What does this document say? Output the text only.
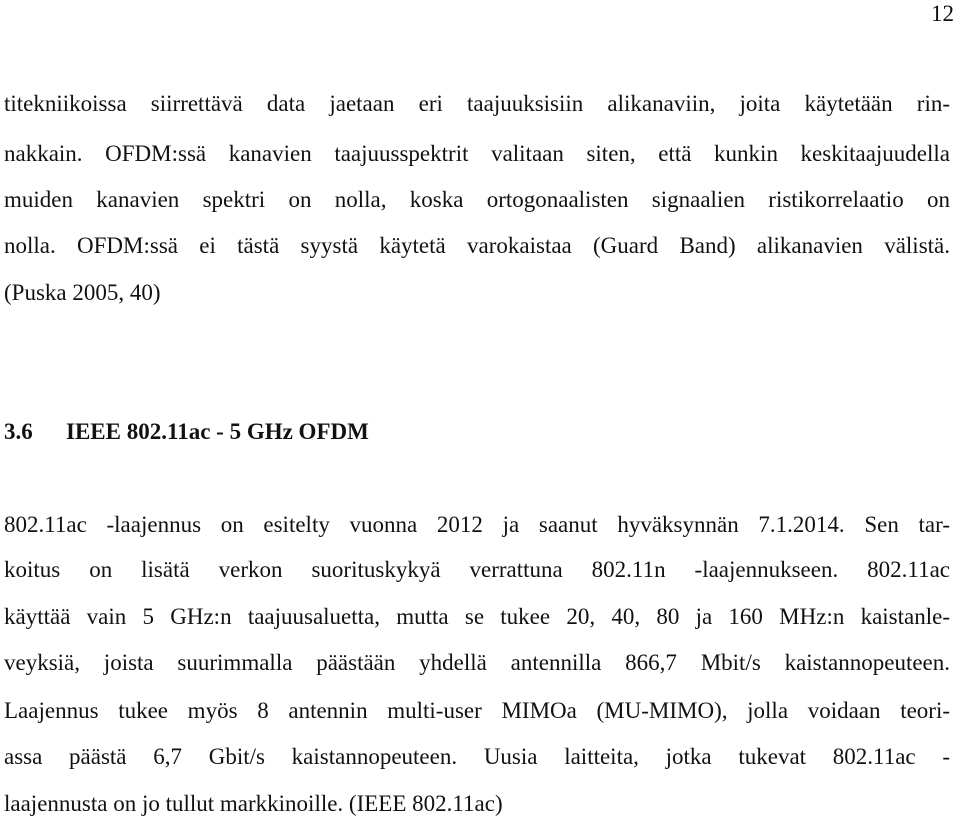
12
titekniikoissa siirrettävä data jaetaan eri taajuuksisiin alikanaviin, joita käytetään rin-
nakkain. OFDM:ssä kanavien taajuusspektrit valitaan siten, että kunkin keskitaajuudella
muiden kanavien spektri on nolla, koska ortogonaalisten signaalien ristikorrelaatio on
nolla. OFDM:ssä ei tästä syystä käytetä varokaistaa (Guard Band) alikanavien välistä.
(Puska 2005, 40)
3.6 IEEE 802.11ac - 5 GHz OFDM
802.11ac -laajennus on esitelty vuonna 2012 ja saanut hyväksynnän 7.1.2014. Sen tar-
koitus on lisätä verkon suorituskykyä verrattuna 802.11n -laajennukseen. 802.11ac
käyttää vain 5 GHz:n taajuusaluetta, mutta se tukee 20, 40, 80 ja 160 MHz:n kaistanle-
veyksiä, joista suurimmalla päästään yhdellä antennilla 866,7 Mbit/s kaistannopeuteen.
Laajennus tukee myös 8 antennin multi-user MIMOa (MU-MIMO), jolla voidaan teori-
assa päästä 6,7 Gbit/s kaistannopeuteen. Uusia laitteita, jotka tukevat 802.11ac -
laajennusta on jo tullut markkinoille. (IEEE 802.11ac)
